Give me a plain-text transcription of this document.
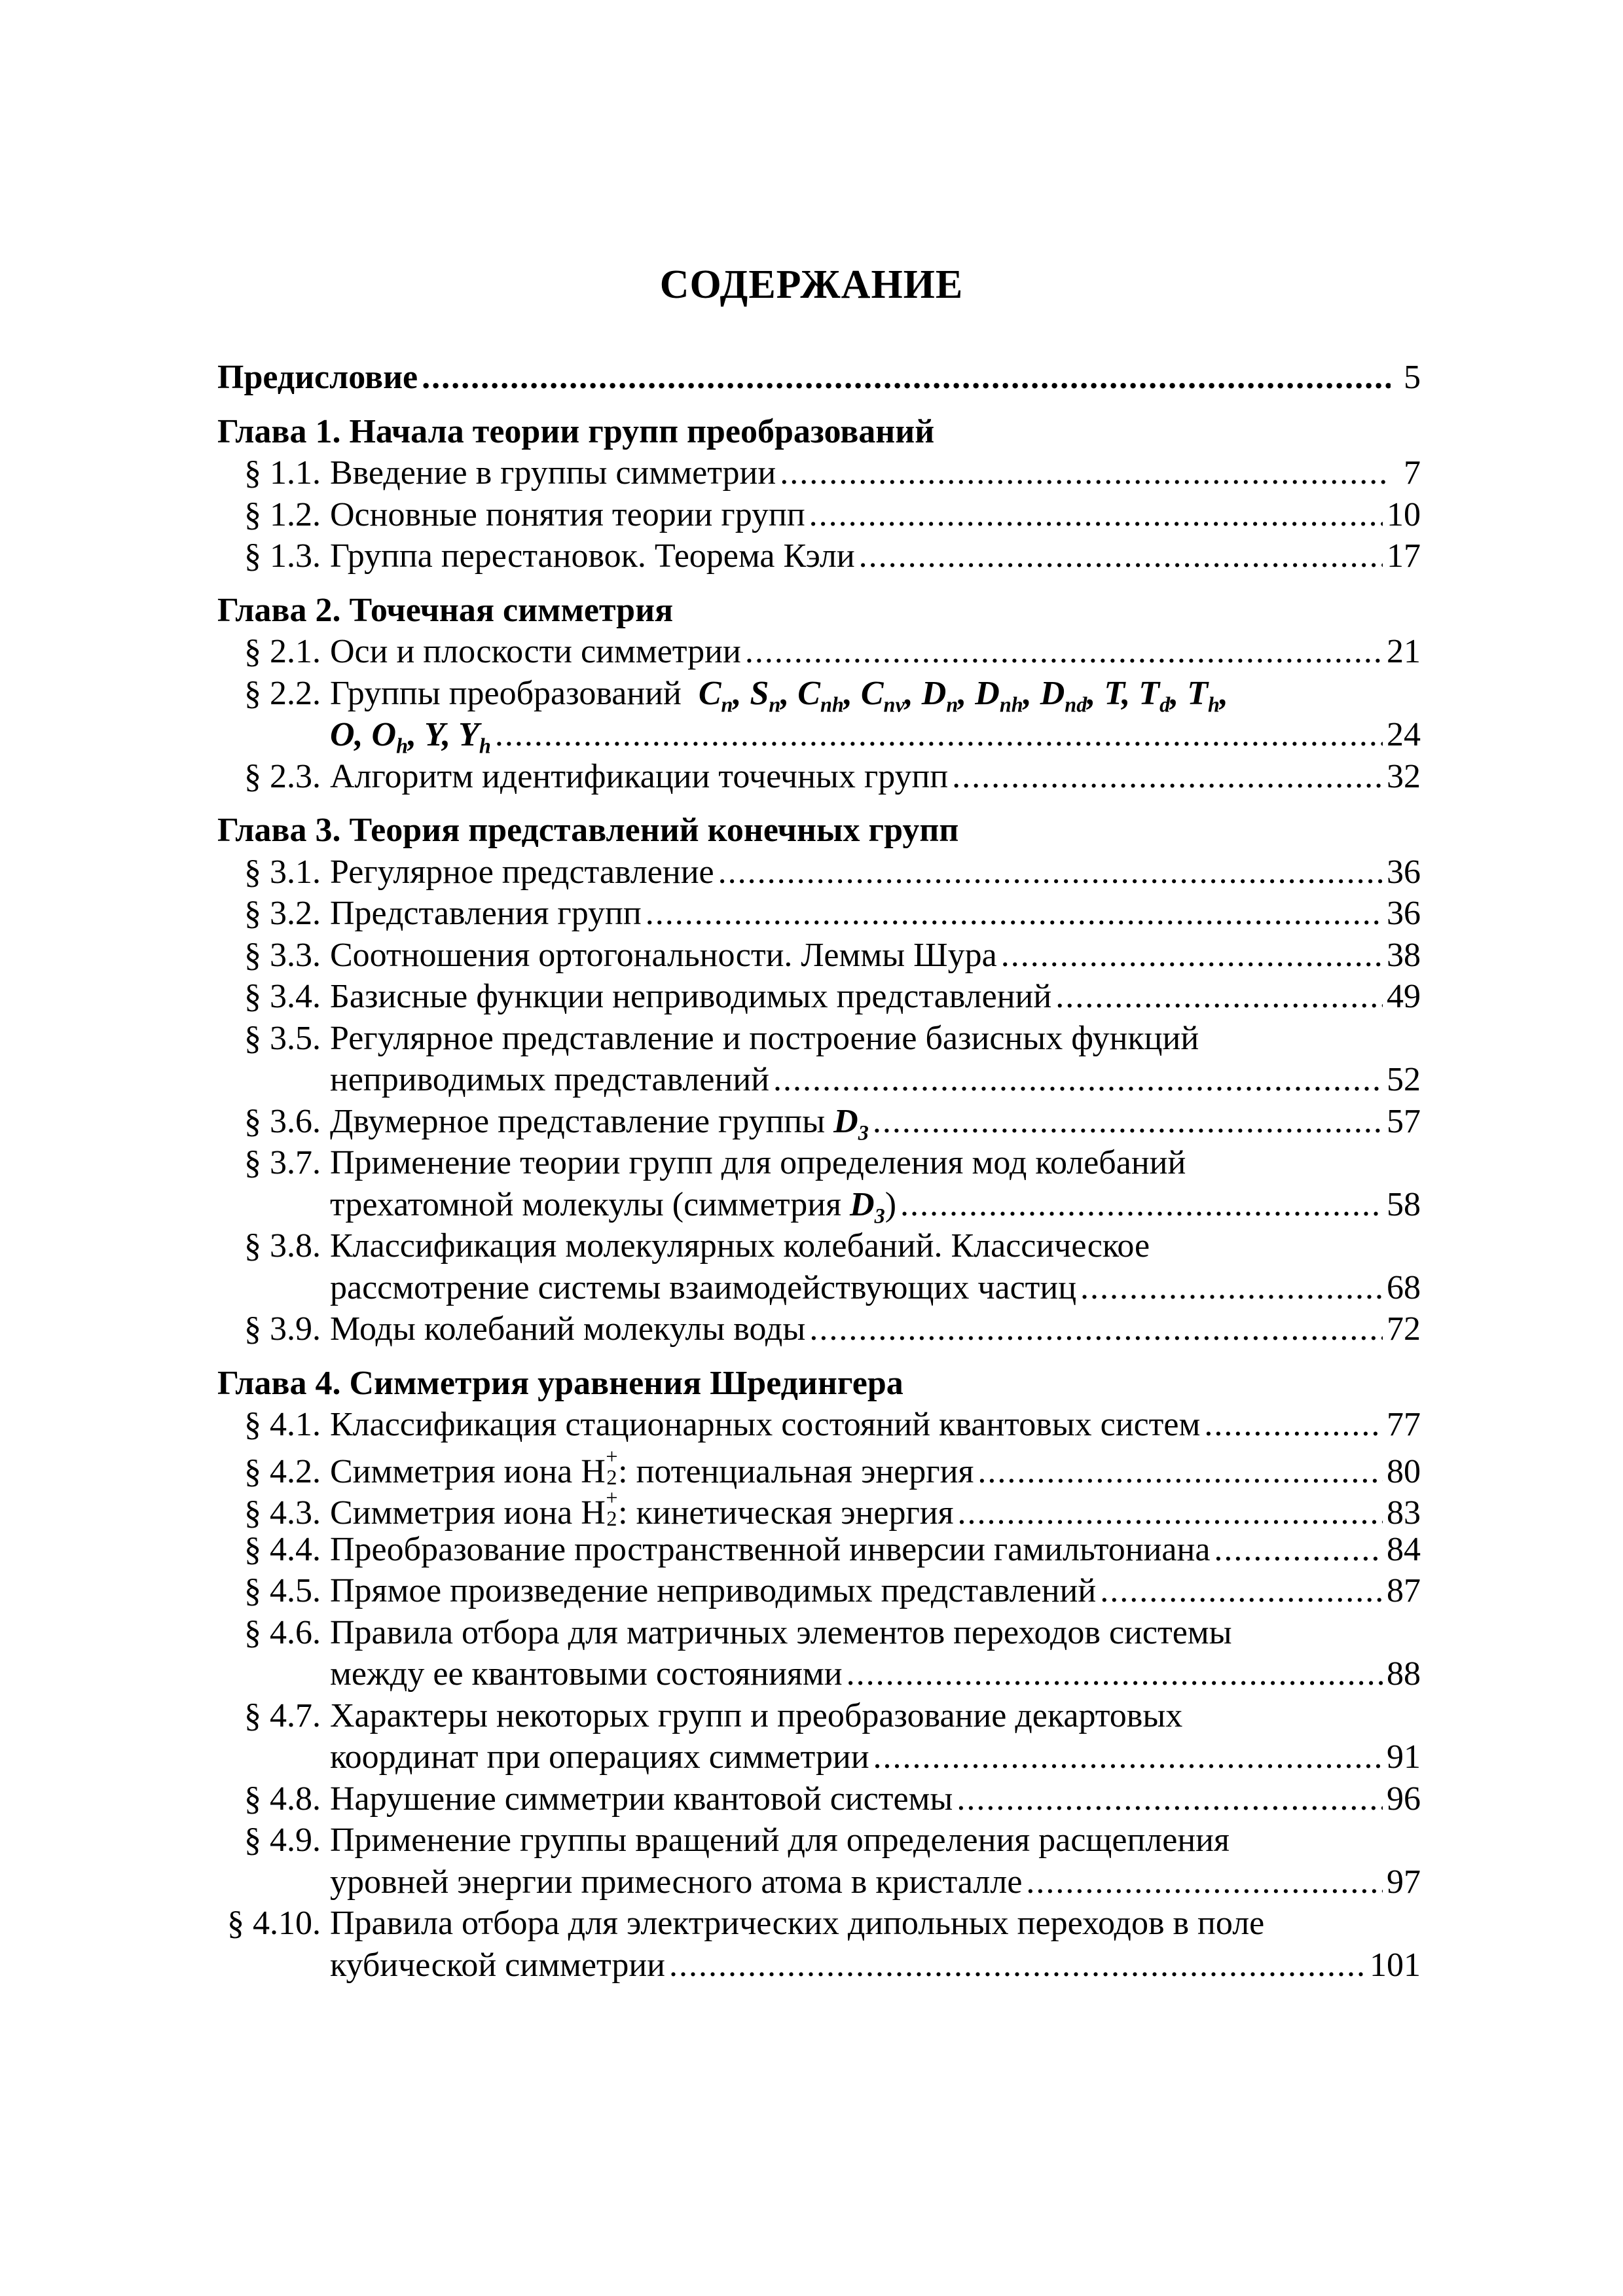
СОДЕРЖАНИЕ
Предисловие .....	5
Глава 1. Начала теории групп преобразований
§ 1.1. Введение в группы симметрии .....	7
§ 1.2. Основные понятия теории групп .....	10
§ 1.3. Группа перестановок. Теорема Кэли .....	17
Глава 2. Точечная симметрия
§ 2.1. Оси и плоскости симметрии .....	21
§ 2.2. Группы преобразований $C_n$, $S_n$, $C_{nh}$, $C_{nv}$, $D_n$, $D_{nh}$, $D_{nd}$, T, $T_d$, $T_h$,
O, $O_h$, Y, $Y_h$ .....	24
§ 2.3. Алгоритм идентификации точечных групп .....	32
Глава 3. Теория представлений конечных групп
§ 3.1. Регулярное представление .....	36
§ 3.2. Представления групп .....	36
§ 3.3. Соотношения ортогональности. Леммы Шура .....	38
§ 3.4. Базисные функции неприводимых представлений .....	49
§ 3.5. Регулярное представление и построение базисных функций
неприводимых представлений .....	52
§ 3.6. Двумерное представление группы $D_3$ .....	57
§ 3.7. Применение теории групп для определения мод колебаний
трехатомной молекулы (симметрия $D_3$) .....	58
§ 3.8. Классификация молекулярных колебаний. Классическое
рассмотрение системы взаимодействующих частиц .....	68
§ 3.9. Моды колебаний молекулы воды .....	72
Глава 4. Симметрия уравнения Шредингера
§ 4.1. Классификация стационарных состояний квантовых систем .....	77
§ 4.2. Симметрия иона H +
2 : потенциальная энергия .....	80
§ 4.3. Симметрия иона H +
2 : кинетическая энергия .....	83
§ 4.4. Преобразование пространственной инверсии гамильтониана .....	84
§ 4.5. Прямое произведение неприводимых представлений .....	87
§ 4.6. Правила отбора для матричных элементов переходов системы
между ее квантовыми состояниями .....	88
§ 4.7. Характеры некоторых групп и преобразование декартовых
координат при операциях симметрии .....	91
§ 4.8. Нарушение симметрии квантовой системы .....	96
§ 4.9. Применение группы вращений для определения расщепления
уровней энергии примесного атома в кристалле .....	97
§ 4.10. Правила отбора для электрических дипольных переходов в поле
кубической симметрии .....	101
